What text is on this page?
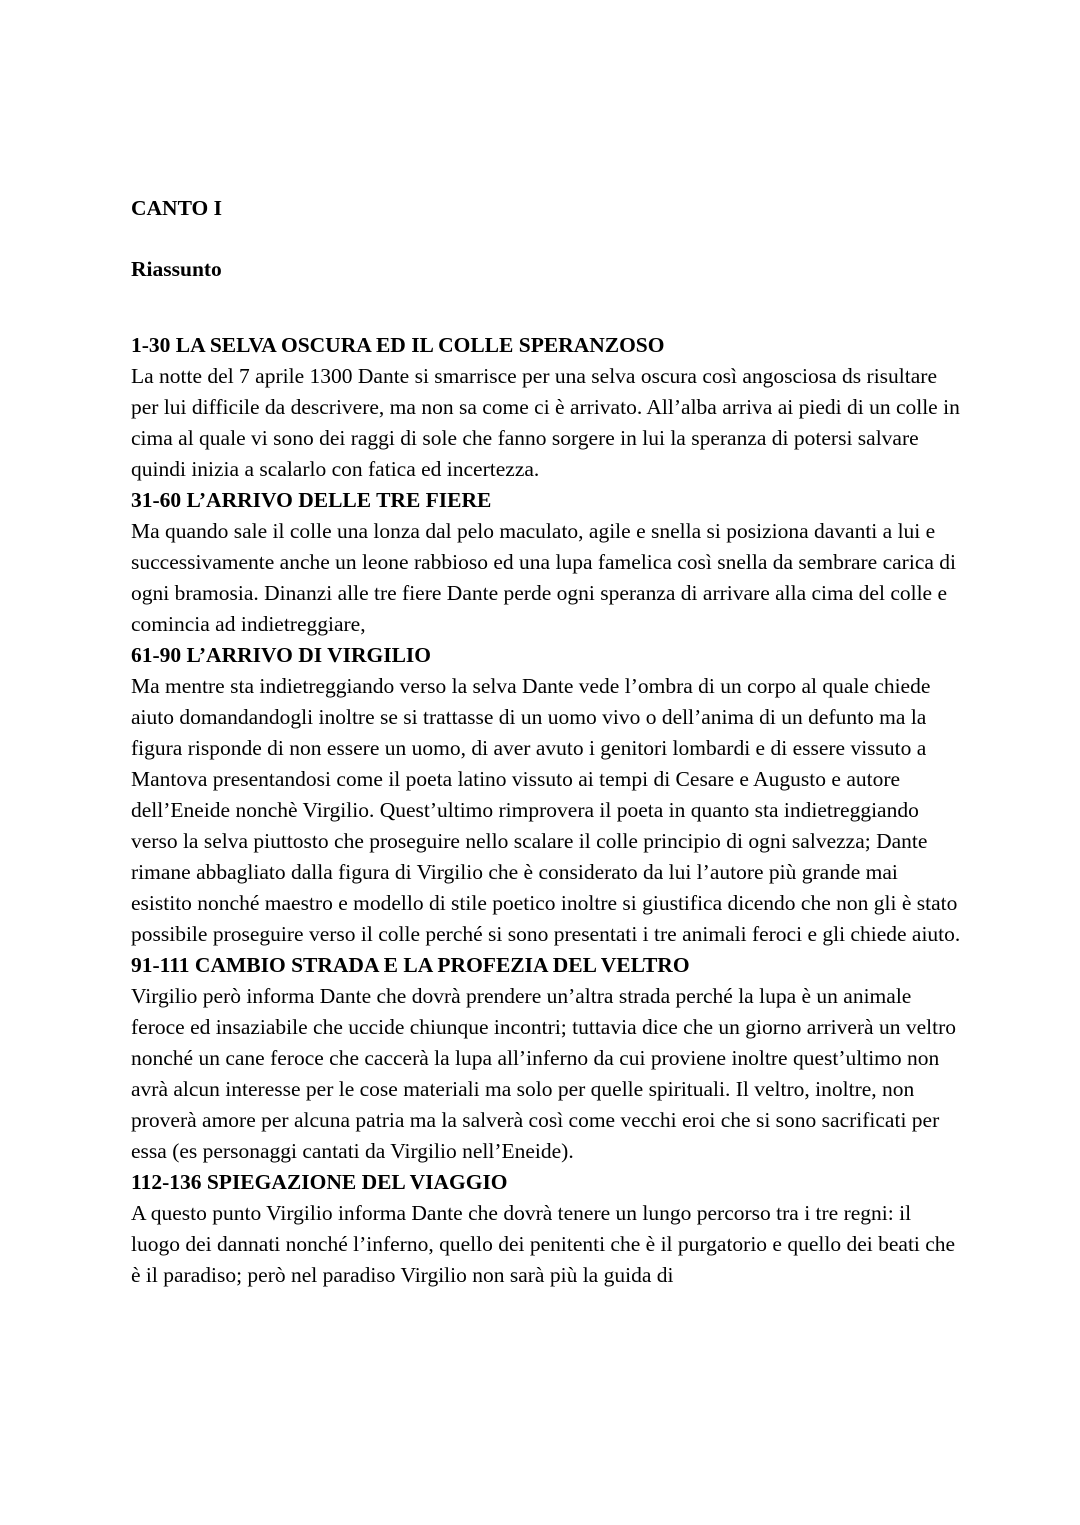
CANTO I

Riassunto

1-30 LA SELVA OSCURA ED IL COLLE SPERANZOSO

La notte del 7 aprile 1300 Dante si smarrisce per una selva oscura così angosciosa ds risultare per lui difficile da descrivere, ma non sa come ci è arrivato. All’alba arriva ai piedi di un colle in cima al quale vi sono dei raggi di sole che fanno sorgere in lui la speranza di potersi salvare quindi inizia a scalarlo con fatica ed incertezza.

31-60 L’ARRIVO DELLE TRE FIERE

Ma quando sale il colle una lonza dal pelo maculato, agile e snella si posiziona davanti a lui e successivamente anche un leone rabbioso ed una lupa famelica così snella da sembrare carica di ogni bramosia. Dinanzi alle tre fiere Dante perde ogni speranza di arrivare alla cima del colle e comincia ad indietreggiare,

61-90 L’ARRIVO DI VIRGILIO

Ma mentre sta indietreggiando verso la selva Dante vede l’ombra di un corpo al quale chiede aiuto domandandogli inoltre se si trattasse di un uomo vivo o dell’anima di un defunto ma la figura risponde di non essere un uomo, di aver avuto i genitori lombardi e di essere vissuto a Mantova presentandosi come il poeta latino vissuto ai tempi di Cesare e Augusto e autore dell’Eneide nonchè Virgilio. Quest’ultimo rimprovera il poeta in quanto sta indietreggiando verso la selva piuttosto che proseguire nello scalare il colle principio di ogni salvezza; Dante rimane abbagliato dalla figura di Virgilio che è considerato da lui l’autore più grande mai esistito nonché maestro e modello di stile poetico inoltre si giustifica dicendo che non gli è stato possibile proseguire verso il colle perché si sono presentati i tre animali feroci e gli chiede aiuto.

91-111 CAMBIO STRADA E LA PROFEZIA DEL VELTRO

Virgilio però informa Dante che dovrà prendere un’altra strada perché la lupa è un animale feroce ed insaziabile che uccide chiunque incontri; tuttavia dice che un giorno arriverà un veltro nonché un cane feroce che caccerà la lupa all’inferno da cui proviene inoltre quest’ultimo non avrà alcun interesse per le cose materiali ma solo per quelle spirituali. Il veltro, inoltre, non proverà amore per alcuna patria ma la salverà così come vecchi eroi che si sono sacrificati per essa (es personaggi cantati da Virgilio nell’Eneide).

112-136 SPIEGAZIONE DEL VIAGGIO

A questo punto Virgilio informa Dante che dovrà tenere un lungo percorso tra i tre regni: il luogo dei dannati nonché l’inferno, quello dei penitenti che è il purgatorio e quello dei beati che è il paradiso; però nel paradiso Virgilio non sarà più la guida di
